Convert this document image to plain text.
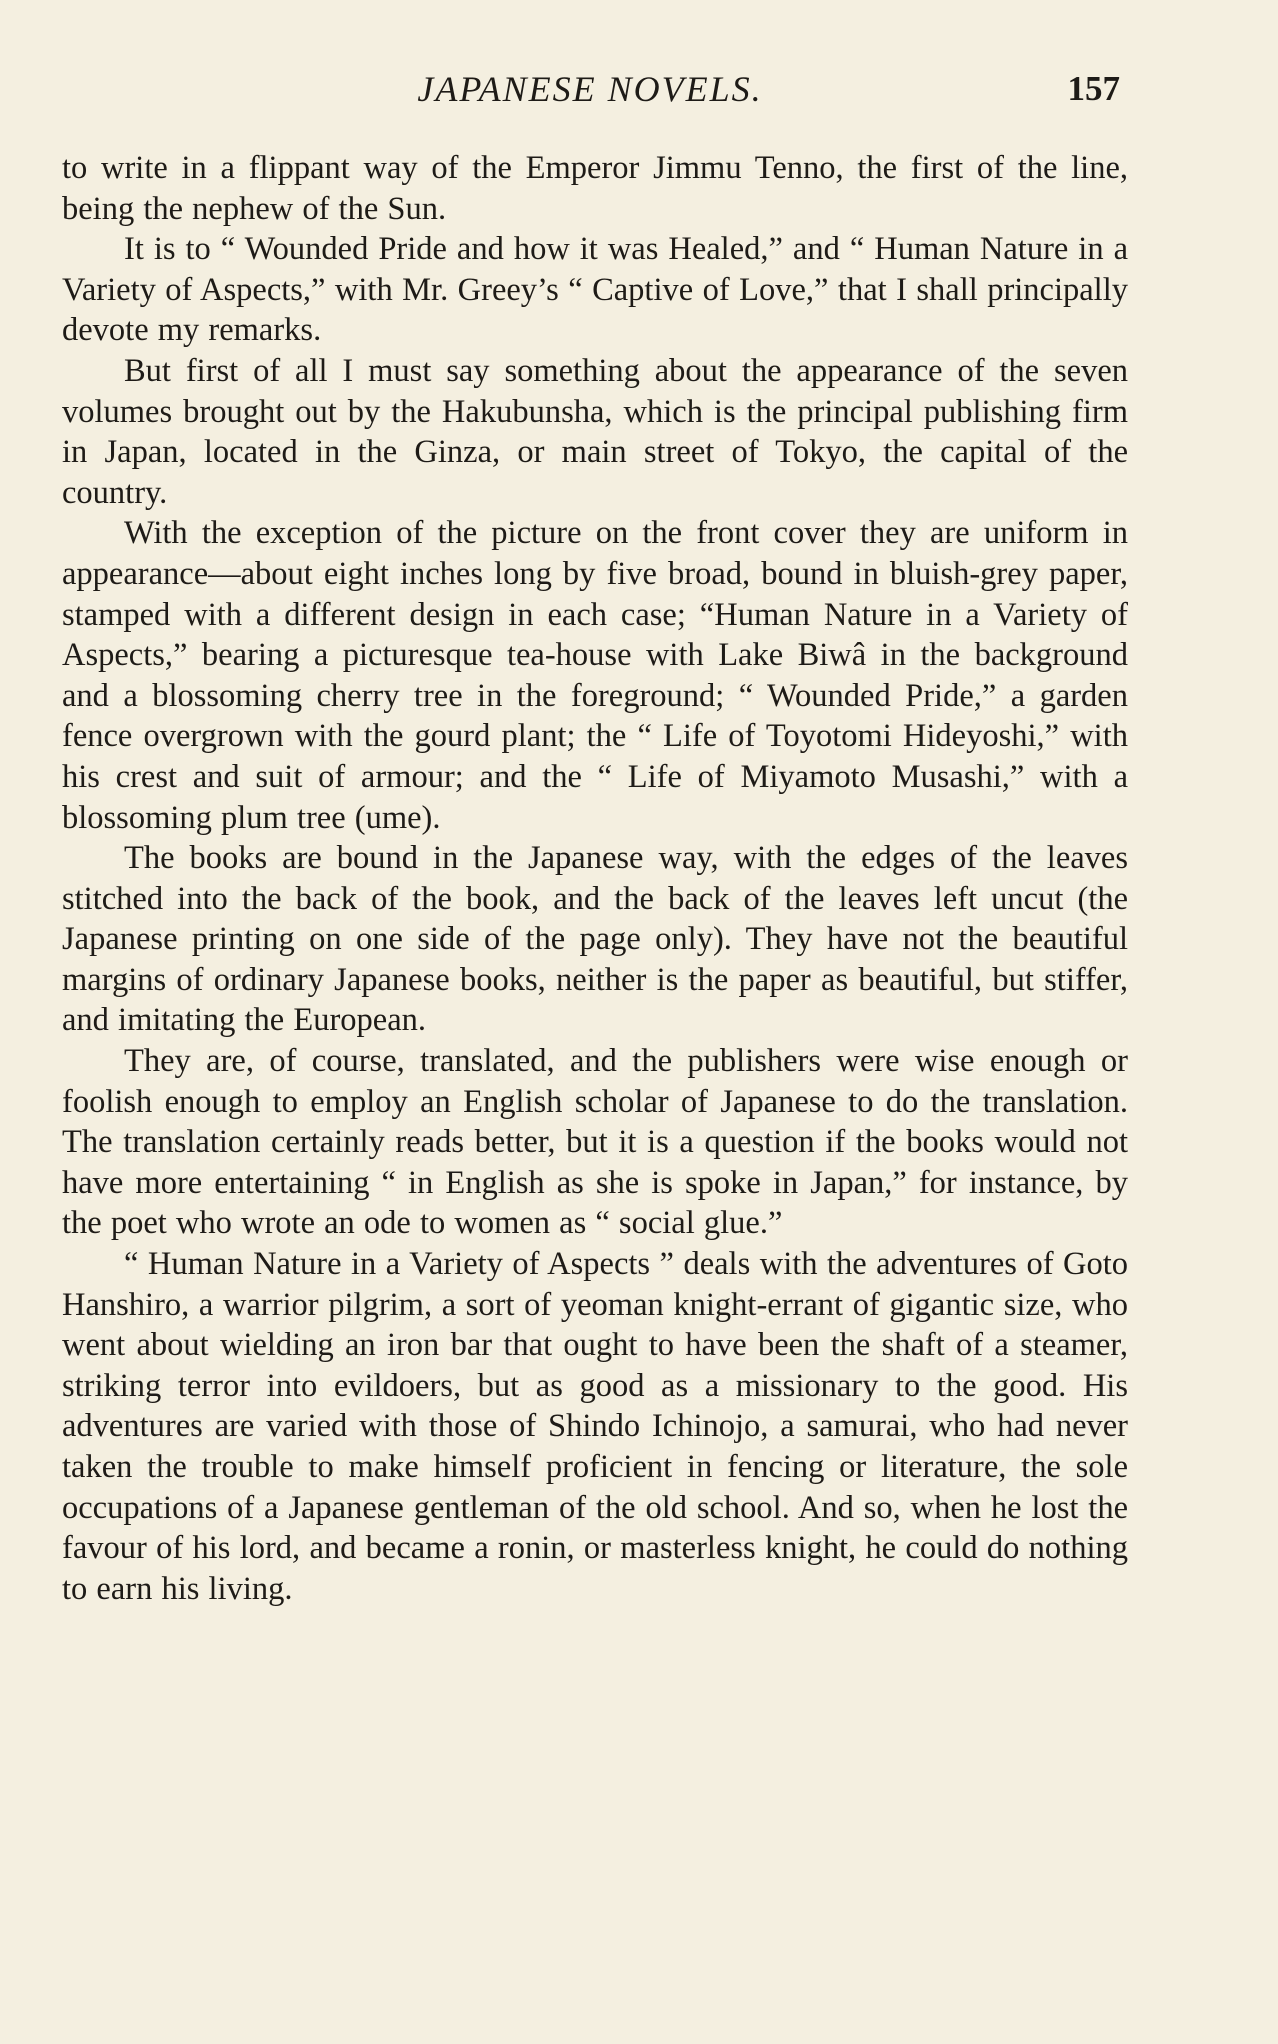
JAPANESE NOVELS.	157

to write in a flippant way of the Emperor Jimmu Tenno, the first of the line, being the nephew of the Sun.

It is to “ Wounded Pride and how it was Healed,” and “ Human Nature in a Variety of Aspects,” with Mr. Greey’s “ Captive of Love,” that I shall principally devote my remarks.

But first of all I must say something about the appearance of the seven volumes brought out by the Hakubunsha, which is the principal publishing firm in Japan, located in the Ginza, or main street of Tokyo, the capital of the country.

With the exception of the picture on the front cover they are uniform in appearance—about eight inches long by five broad, bound in bluish-grey paper, stamped with a different design in each case; “Human Nature in a Variety of Aspects,” bearing a picturesque tea-house with Lake Biwâ in the background and a blossoming cherry tree in the foreground; “ Wounded Pride,” a garden fence overgrown with the gourd plant; the “ Life of Toyotomi Hideyoshi,” with his crest and suit of armour; and the “ Life of Miyamoto Musashi,” with a blossoming plum tree (ume).

The books are bound in the Japanese way, with the edges of the leaves stitched into the back of the book, and the back of the leaves left uncut (the Japanese printing on one side of the page only). They have not the beautiful margins of ordinary Japanese books, neither is the paper as beautiful, but stiffer, and imitating the European.

They are, of course, translated, and the publishers were wise enough or foolish enough to employ an English scholar of Japanese to do the translation. The translation certainly reads better, but it is a question if the books would not have more entertaining “ in English as she is spoke in Japan,” for instance, by the poet who wrote an ode to women as “ social glue.”

“ Human Nature in a Variety of Aspects ” deals with the adventures of Goto Hanshiro, a warrior pilgrim, a sort of yeoman knight-errant of gigantic size, who went about wielding an iron bar that ought to have been the shaft of a steamer, striking terror into evildoers, but as good as a missionary to the good. His adventures are varied with those of Shindo Ichinojo, a samurai, who had never taken the trouble to make himself proficient in fencing or literature, the sole occupations of a Japanese gentleman of the old school. And so, when he lost the favour of his lord, and became a ronin, or masterless knight, he could do nothing to earn his living.
